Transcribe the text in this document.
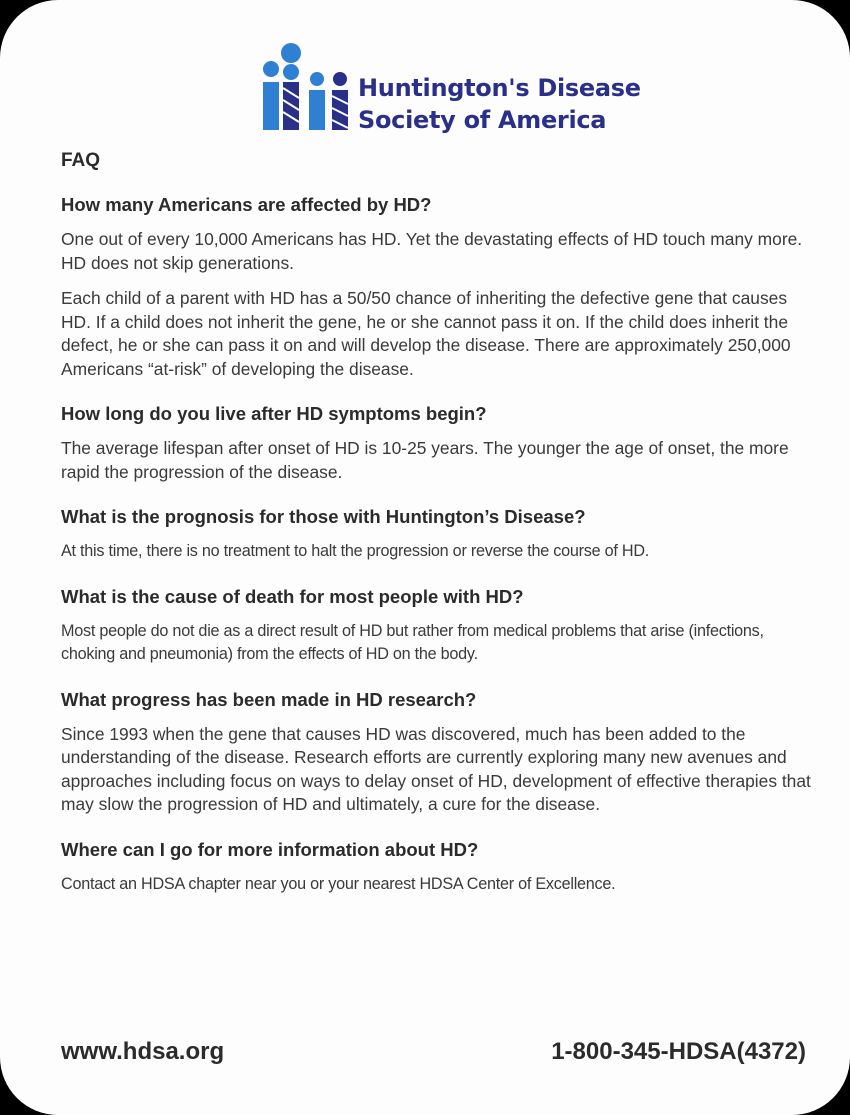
Huntington's Disease
Society of America
FAQ
How many Americans are affected by HD?
One out of every 10,000 Americans has HD. Yet the devastating effects of HD touch many more. HD does not skip generations.
Each child of a parent with HD has a 50/50 chance of inheriting the defective gene that causes HD. If a child does not inherit the gene, he or she cannot pass it on. If the child does inherit the defect, he or she can pass it on and will develop the disease. There are approximately 250,000 Americans “at-risk” of developing the disease.
How long do you live after HD symptoms begin?
The average lifespan after onset of HD is 10-25 years. The younger the age of onset, the more rapid the progression of the disease.
What is the prognosis for those with Huntington’s Disease?
At this time, there is no treatment to halt the progression or reverse the course of HD.
What is the cause of death for most people with HD?
Most people do not die as a direct result of HD but rather from medical problems that arise (infections, choking and pneumonia) from the effects of HD on the body.
What progress has been made in HD research?
Since 1993 when the gene that causes HD was discovered, much has been added to the understanding of the disease. Research efforts are currently exploring many new avenues and approaches including focus on ways to delay onset of HD, development of effective therapies that may slow the progression of HD and ultimately, a cure for the disease.
Where can I go for more information about HD?
Contact an HDSA chapter near you or your nearest HDSA Center of Excellence.
www.hdsa.org	1-800-345-HDSA(4372)
